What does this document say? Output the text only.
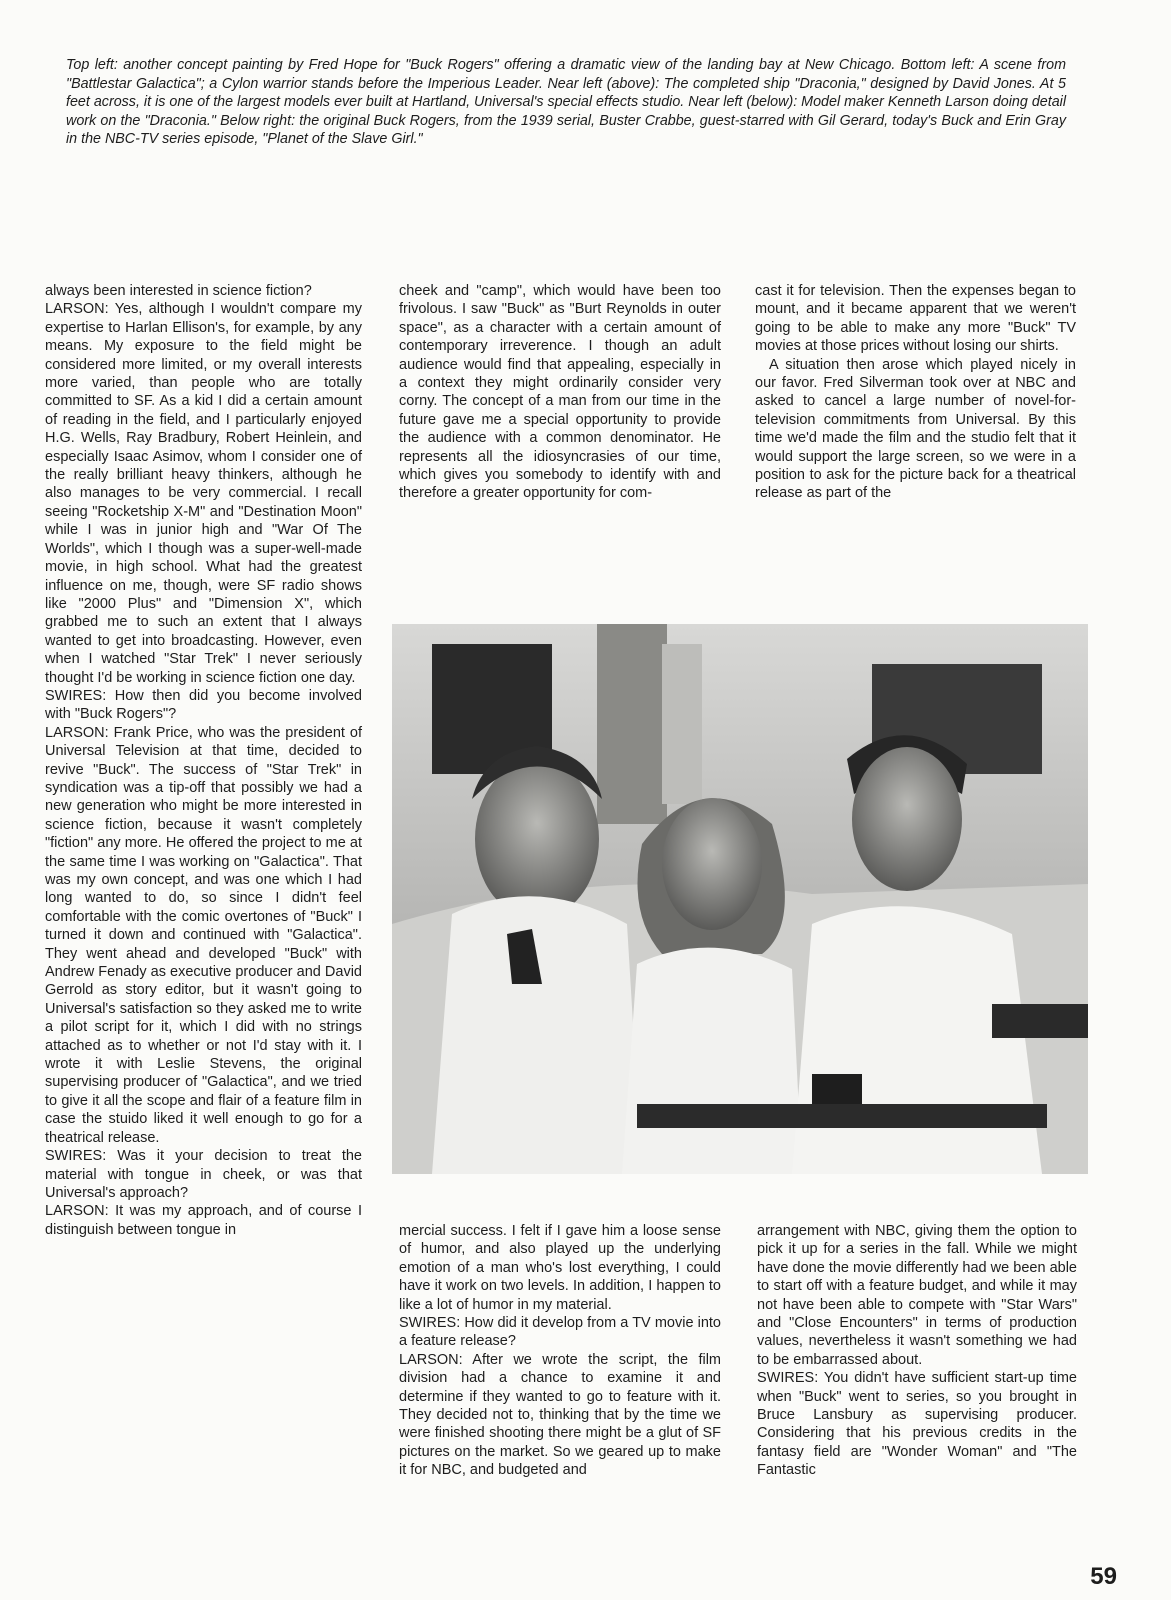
Top left: another concept painting by Fred Hope for "Buck Rogers" offering a dramatic view of the landing bay at New Chicago. Bottom left: A scene from "Battlestar Galactica"; a Cylon warrior stands before the Imperious Leader. Near left (above): The completed ship "Draconia," designed by David Jones. At 5 feet across, it is one of the largest models ever built at Hartland, Universal's special effects studio. Near left (below): Model maker Kenneth Larson doing detail work on the "Draconia." Below right: the original Buck Rogers, from the 1939 serial, Buster Crabbe, guest-starred with Gil Gerard, today's Buck and Erin Gray in the NBC-TV series episode, "Planet of the Slave Girl."

always been interested in science fiction?

LARSON: Yes, although I wouldn't compare my expertise to Harlan Ellison's, for example, by any means. My exposure to the field might be considered more limited, or my overall interests more varied, than people who are totally committed to SF. As a kid I did a certain amount of reading in the field, and I particularly enjoyed H.G. Wells, Ray Bradbury, Robert Heinlein, and especially Isaac Asimov, whom I consider one of the really brilliant heavy thinkers, although he also manages to be very commercial. I recall seeing "Rocketship X-M" and "Destination Moon" while I was in junior high and "War Of The Worlds", which I though was a super-well-made movie, in high school. What had the greatest influence on me, though, were SF radio shows like "2000 Plus" and "Dimension X", which grabbed me to such an extent that I always wanted to get into broadcasting. However, even when I watched "Star Trek" I never seriously thought I'd be working in science fiction one day.

SWIRES: How then did you become involved with "Buck Rogers"?

LARSON: Frank Price, who was the president of Universal Television at that time, decided to revive "Buck". The success of "Star Trek" in syndication was a tip-off that possibly we had a new generation who might be more interested in science fiction, because it wasn't completely "fiction" any more. He offered the project to me at the same time I was working on "Galactica". That was my own concept, and was one which I had long wanted to do, so since I didn't feel comfortable with the comic overtones of "Buck" I turned it down and continued with "Galactica". They went ahead and developed "Buck" with Andrew Fenady as executive producer and David Gerrold as story editor, but it wasn't going to Universal's satisfaction so they asked me to write a pilot script for it, which I did with no strings attached as to whether or not I'd stay with it. I wrote it with Leslie Stevens, the original supervising producer of "Galactica", and we tried to give it all the scope and flair of a feature film in case the stuido liked it well enough to go for a theatrical release.

SWIRES: Was it your decision to treat the material with tongue in cheek, or was that Universal's approach?

LARSON: It was my approach, and of course I distinguish between tongue in

cheek and "camp", which would have been too frivolous. I saw "Buck" as "Burt Reynolds in outer space", as a character with a certain amount of contemporary irreverence. I though an adult audience would find that appealing, especially in a context they might ordinarily consider very corny. The concept of a man from our time in the future gave me a special opportunity to provide the audience with a common denominator. He represents all the idiosyncrasies of our time, which gives you somebody to identify with and therefore a greater opportunity for com-

cast it for television. Then the expenses began to mount, and it became apparent that we weren't going to be able to make any more "Buck" TV movies at those prices without losing our shirts.

A situation then arose which played nicely in our favor. Fred Silverman took over at NBC and asked to cancel a large number of novel-for-television commitments from Universal. By this time we'd made the film and the studio felt that it would support the large screen, so we were in a position to ask for the picture back for a theatrical release as part of the

mercial success. I felt if I gave him a loose sense of humor, and also played up the underlying emotion of a man who's lost everything, I could have it work on two levels. In addition, I happen to like a lot of humor in my material.

SWIRES: How did it develop from a TV movie into a feature release?

LARSON: After we wrote the script, the film division had a chance to examine it and determine if they wanted to go to feature with it. They decided not to, thinking that by the time we were finished shooting there might be a glut of SF pictures on the market. So we geared up to make it for NBC, and budgeted and

arrangement with NBC, giving them the option to pick it up for a series in the fall. While we might have done the movie differently had we been able to start off with a feature budget, and while it may not have been able to compete with "Star Wars" and "Close Encounters" in terms of production values, nevertheless it wasn't something we had to be embarrassed about.

SWIRES: You didn't have sufficient start-up time when "Buck" went to series, so you brought in Bruce Lansbury as supervising producer. Considering that his previous credits in the fantasy field are "Wonder Woman" and "The Fantastic

59
